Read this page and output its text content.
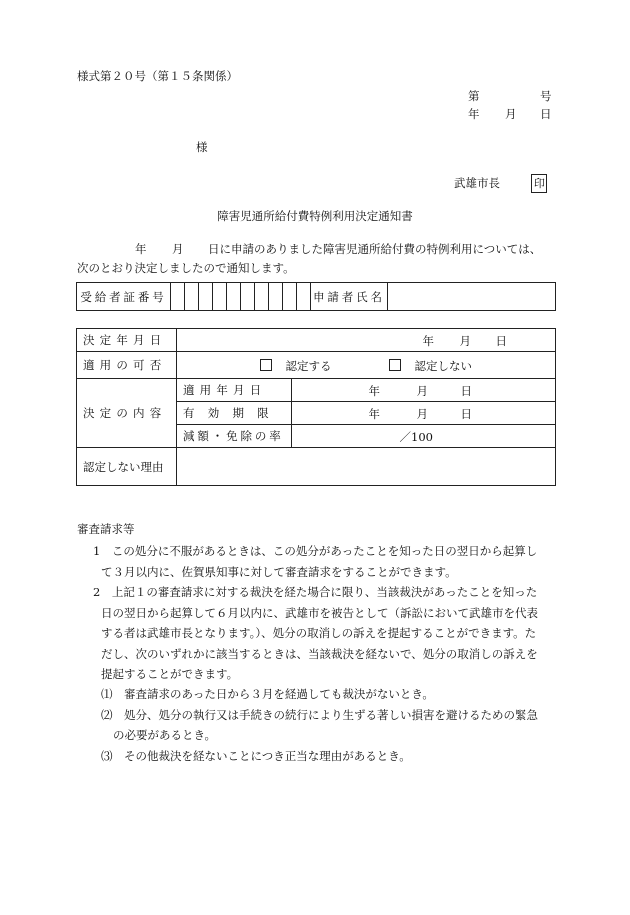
様式第２０号（第１５条関係）
第	号
年 月 日
様
武雄市長	印
障害児通所給付費特例利用決定通知書
年 月 日に申請のありました障害児通所給付費の特例利用については、
次のとおり決定しましたので通知します。
受給者証番号											申請者氏名	
決定年月日	年 月 日	

適用の可否	認定する 認定しない	

決定の内容	適用年月日	年 月 日

	有効期限	年 月 日

	減額・免除の率	／100

認定しない理由		
審査請求等
1　この処分に不服があるときは、この処分があったことを知った日の翌日から起算し
て３月以内に、佐賀県知事に対して審査請求をすることができます。
2　上記１の審査請求に対する裁決を経た場合に限り、当該裁決があったことを知った
日の翌日から起算して６月以内に、武雄市を被告として（訴訟において武雄市を代表
する者は武雄市長となります。）、処分の取消しの訴えを提起することができます。た
だし、次のいずれかに該当するときは、当該裁決を経ないで、処分の取消しの訴えを
提起することができます。
⑴　審査請求のあった日から３月を経過しても裁決がないとき。
⑵　処分、処分の執行又は手続きの続行により生ずる著しい損害を避けるための緊急
の必要があるとき。
⑶　その他裁決を経ないことにつき正当な理由があるとき。
